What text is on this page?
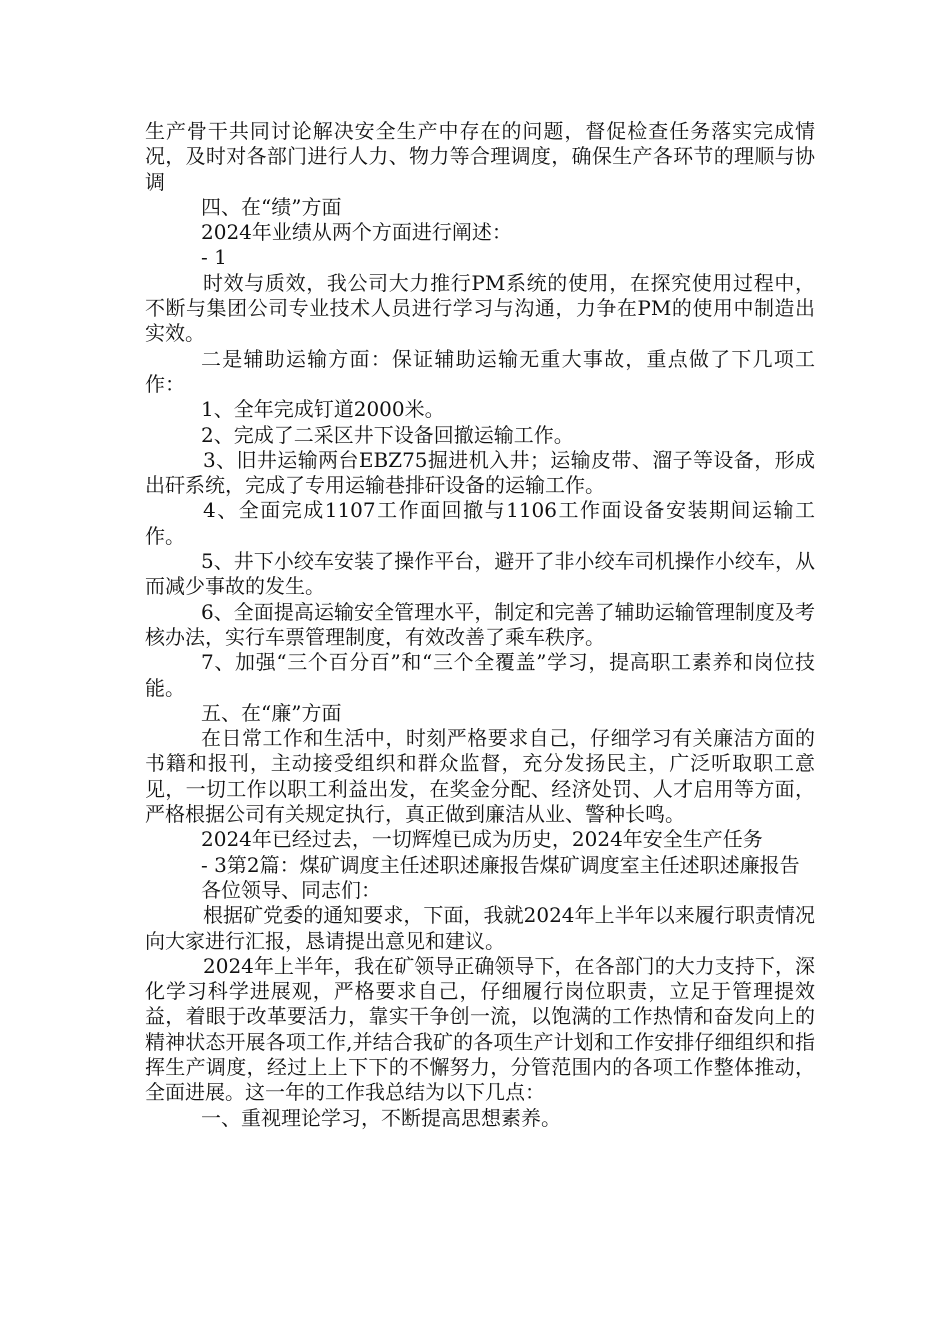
生产骨干共同讨论解决安全生产中存在的问题，督促检查任务落实完成情况，及时对各部门进行人力、物力等合理调度，确保生产各环节的理顺与协调

四、在“绩”方面

2024年业绩从两个方面进行阐述：

- 1

时效与质效，我公司大力推行PM系统的使用，在探究使用过程中，不断与集团公司专业技术人员进行学习与沟通，力争在PM的使用中制造出实效。

二是辅助运输方面：保证辅助运输无重大事故，重点做了下几项工作：

1、全年完成钉道2000米。

2、完成了二采区井下设备回撤运输工作。

3、旧井运输两台EBZ75掘进机入井；运输皮带、溜子等设备，形成出矸系统，完成了专用运输巷排矸设备的运输工作。

4、全面完成1107工作面回撤与1106工作面设备安装期间运输工作。

5、井下小绞车安装了操作平台，避开了非小绞车司机操作小绞车，从而减少事故的发生。

6、全面提高运输安全管理水平，制定和完善了辅助运输管理制度及考核办法，实行车票管理制度，有效改善了乘车秩序。

7、加强“三个百分百”和“三个全覆盖”学习，提高职工素养和岗位技能。

五、在“廉”方面

在日常工作和生活中，时刻严格要求自己，仔细学习有关廉洁方面的书籍和报刊，主动接受组织和群众监督，充分发扬民主，广泛听取职工意见，一切工作以职工利益出发，在奖金分配、经济处罚、人才启用等方面，严格根据公司有关规定执行，真正做到廉洁从业、警种长鸣。

2024年已经过去，一切辉煌已成为历史，2024年安全生产任务

- 3第2篇：煤矿调度主任述职述廉报告煤矿调度室主任述职述廉报告

各位领导、同志们：

根据矿党委的通知要求，下面，我就2024年上半年以来履行职责情况向大家进行汇报，恳请提出意见和建议。

2024年上半年，我在矿领导正确领导下，在各部门的大力支持下，深化学习科学进展观，严格要求自己，仔细履行岗位职责，立足于管理提效益，着眼于改革要活力，靠实干争创一流，以饱满的工作热情和奋发向上的精神状态开展各项工作,并结合我矿的各项生产计划和工作安排仔细组织和指挥生产调度，经过上上下下的不懈努力，分管范围内的各项工作整体推动，全面进展。这一年的工作我总结为以下几点：

一、重视理论学习，不断提高思想素养。
